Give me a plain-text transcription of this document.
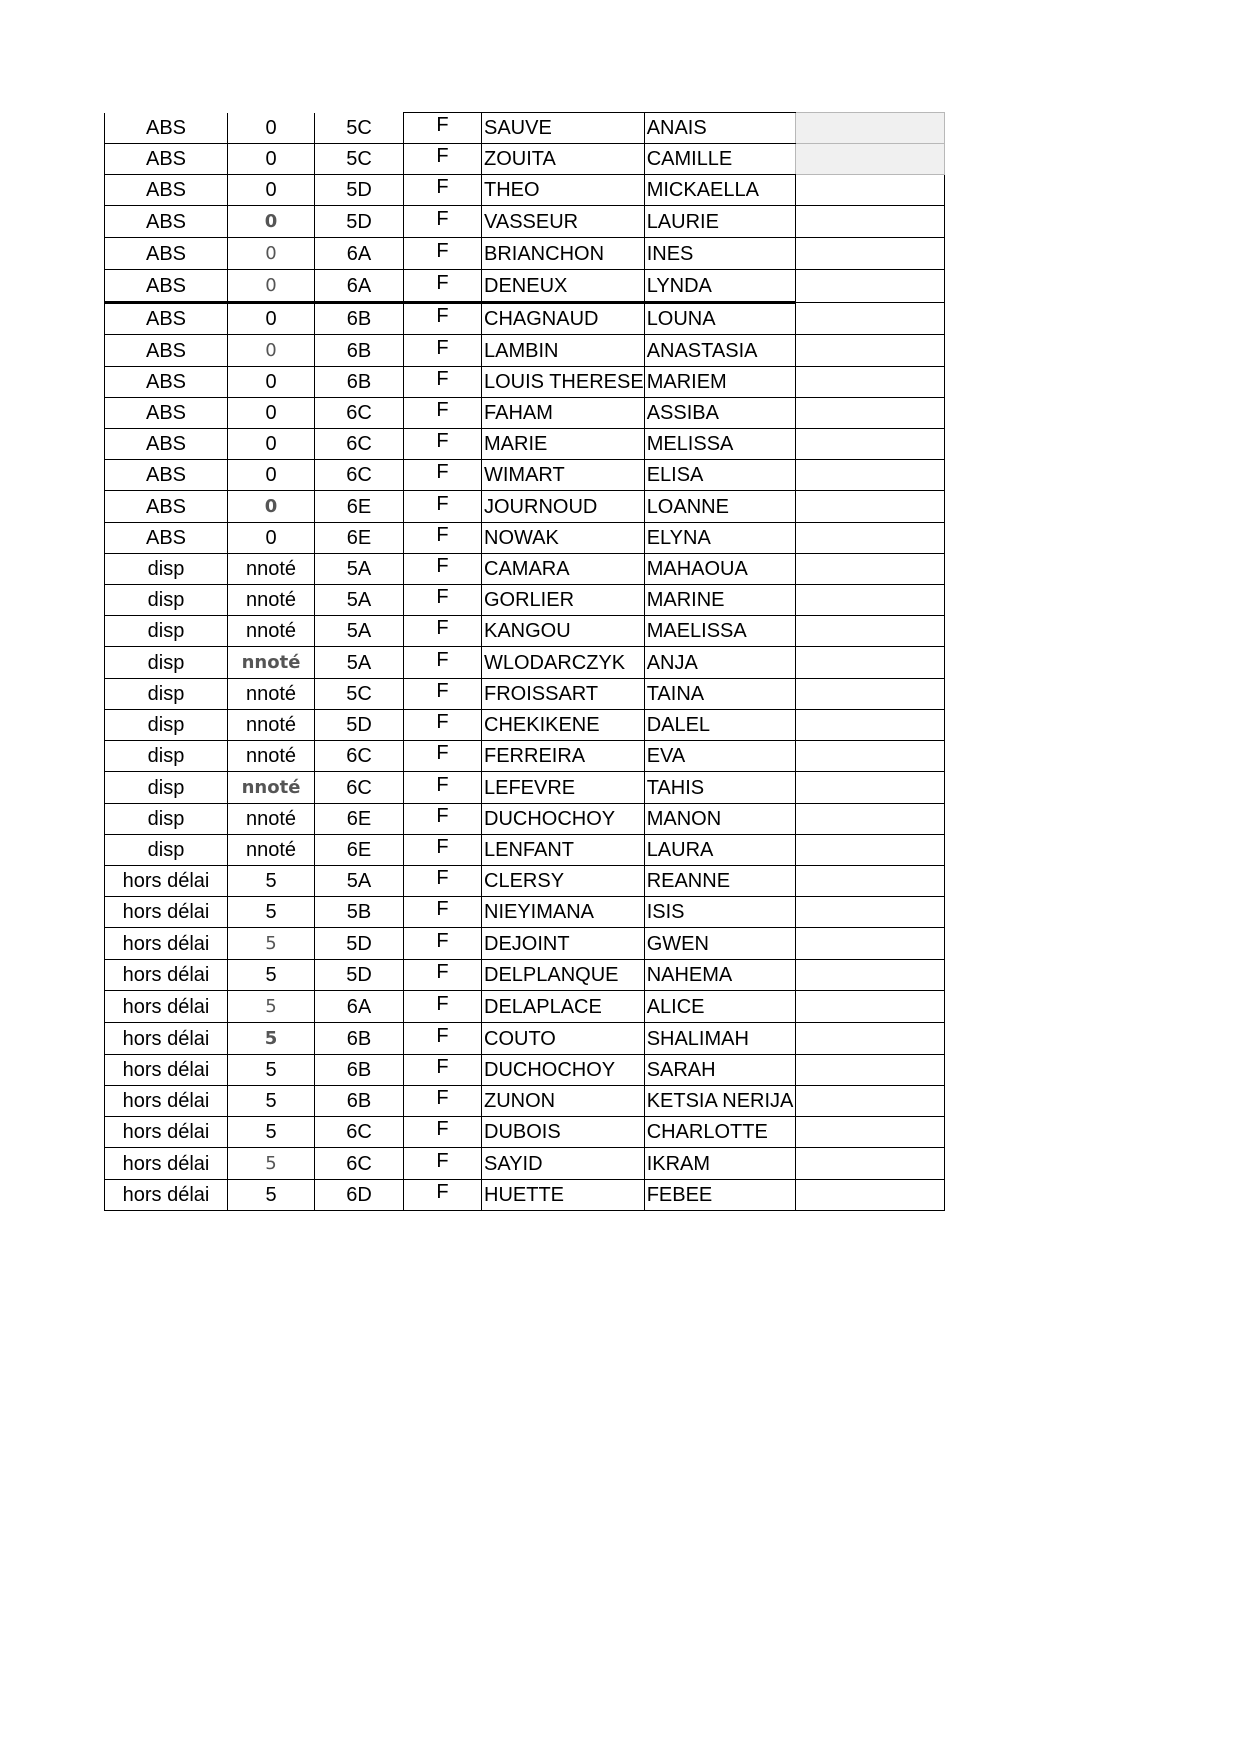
ABS	0	5C	F	SAUVE	ANAIS	
ABS	0	5C	F	ZOUITA	CAMILLE	
ABS	0	5D	F	THEO	MICKAELLA	
ABS	0	5D	F	VASSEUR	LAURIE	
ABS	0	6A	F	BRIANCHON	INES	
ABS	0	6A	F	DENEUX	LYNDA	
ABS	0	6B	F	CHAGNAUD	LOUNA	
ABS	0	6B	F	LAMBIN	ANASTASIA	
ABS	0	6B	F	LOUIS THERESE	MARIEM	
ABS	0	6C	F	FAHAM	ASSIBA	
ABS	0	6C	F	MARIE	MELISSA	
ABS	0	6C	F	WIMART	ELISA	
ABS	0	6E	F	JOURNOUD	LOANNE	
ABS	0	6E	F	NOWAK	ELYNA	
disp	nnoté	5A	F	CAMARA	MAHAOUA	
disp	nnoté	5A	F	GORLIER	MARINE	
disp	nnoté	5A	F	KANGOU	MAELISSA	
disp	nnoté	5A	F	WLODARCZYK	ANJA	
disp	nnoté	5C	F	FROISSART	TAINA	
disp	nnoté	5D	F	CHEKIKENE	DALEL	
disp	nnoté	6C	F	FERREIRA	EVA	
disp	nnoté	6C	F	LEFEVRE	TAHIS	
disp	nnoté	6E	F	DUCHOCHOY	MANON	
disp	nnoté	6E	F	LENFANT	LAURA	
hors délai	5	5A	F	CLERSY	REANNE	
hors délai	5	5B	F	NIEYIMANA	ISIS	
hors délai	5	5D	F	DEJOINT	GWEN	
hors délai	5	5D	F	DELPLANQUE	NAHEMA	
hors délai	5	6A	F	DELAPLACE	ALICE	
hors délai	5	6B	F	COUTO	SHALIMAH	
hors délai	5	6B	F	DUCHOCHOY	SARAH	
hors délai	5	6B	F	ZUNON	KETSIA NERIJA	
hors délai	5	6C	F	DUBOIS	CHARLOTTE	
hors délai	5	6C	F	SAYID	IKRAM	
hors délai	5	6D	F	HUETTE	FEBEE	
